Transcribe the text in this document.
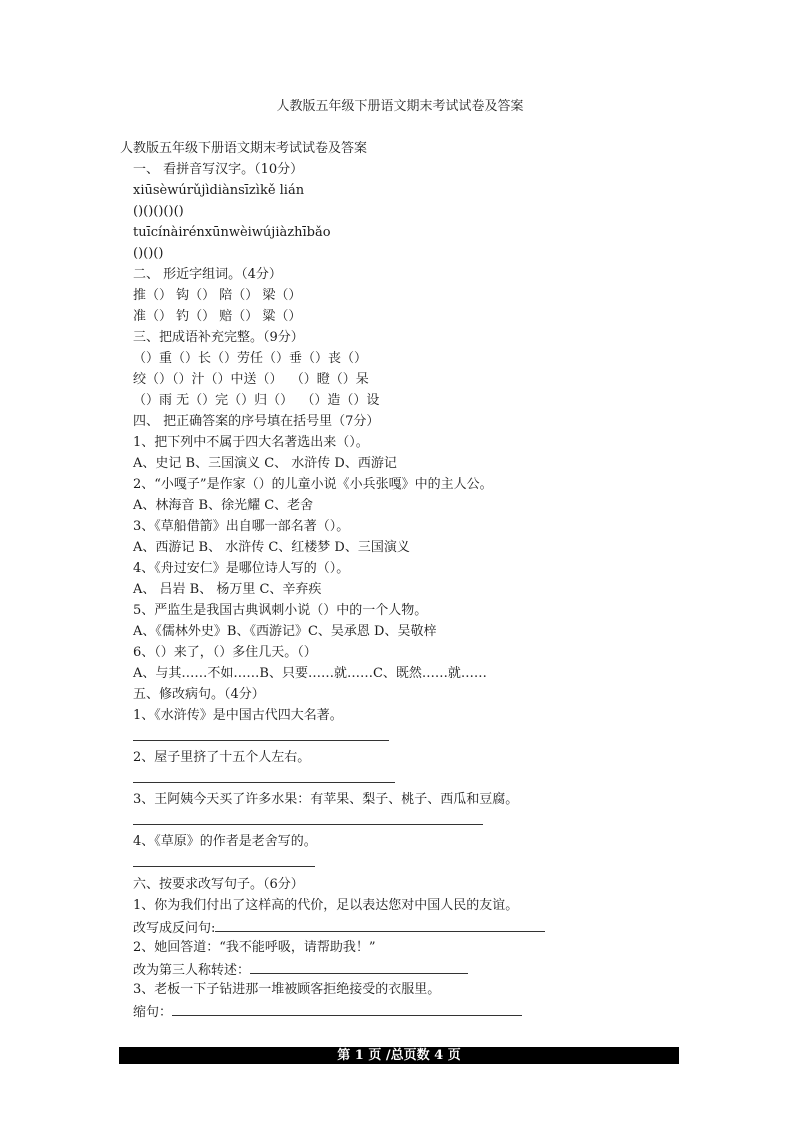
人教版五年级下册语文期末考试试卷及答案
人教版五年级下册语文期末考试试卷及答案
一、 看拼音写汉字。（10分）
xiūsèwúrǔjìdiànsīzìkě lián
()()()()()
tuīcínàirénxūnwèiwújiàzhībǎo
()()()
二、 形近字组词。（4分）
推（） 钩（） 陪（） 梁（）
准（） 钓（） 赔（） 粱（）
三、把成语补充完整。（9分）
（）重（）长（）劳任（）垂（）丧（）
绞（）（）汁（）中送（）  （）瞪（）呆
（）雨 无（）完（）归（）  （）造（）设
四、 把正确答案的序号填在括号里（7分）
1、把下列中不属于四大名著选出来（）。
A、史记 B、三国演义 C、 水浒传 D、西游记
2、“小嘎子”是作家（）的儿童小说《小兵张嘎》中的主人公。
A、林海音 B、徐光耀 C、老舍
3、《草船借箭》出自哪一部名著（）。
A、西游记 B、 水浒传 C、红楼梦 D、三国演义
4、《舟过安仁》是哪位诗人写的（）。
A、 吕岩 B、 杨万里 C、辛弃疾
5、严监生是我国古典讽刺小说（）中的一个人物。
A、《儒林外史》B、《西游记》C、吴承恩 D、吴敬梓
6、（）来了，（）多住几天。（）
A、与其……不如……B、只要……就……C、既然……就……
五、修改病句。（4分）
1、《水浒传》是中国古代四大名著。
2、屋子里挤了十五个人左右。
3、王阿姨今天买了许多水果：有苹果、梨子、桃子、西瓜和豆腐。
4、《草原》的作者是老舍写的。
六、按要求改写句子。（6分）
1、你为我们付出了这样高的代价，足以表达您对中国人民的友谊。
改写成反问句:
2、她回答道：“我不能呼吸，请帮助我！”
改为第三人称转述：
3、老板一下子钻进那一堆被顾客拒绝接受的衣服里。
缩句：
第 1 页 /总页数 4 页
